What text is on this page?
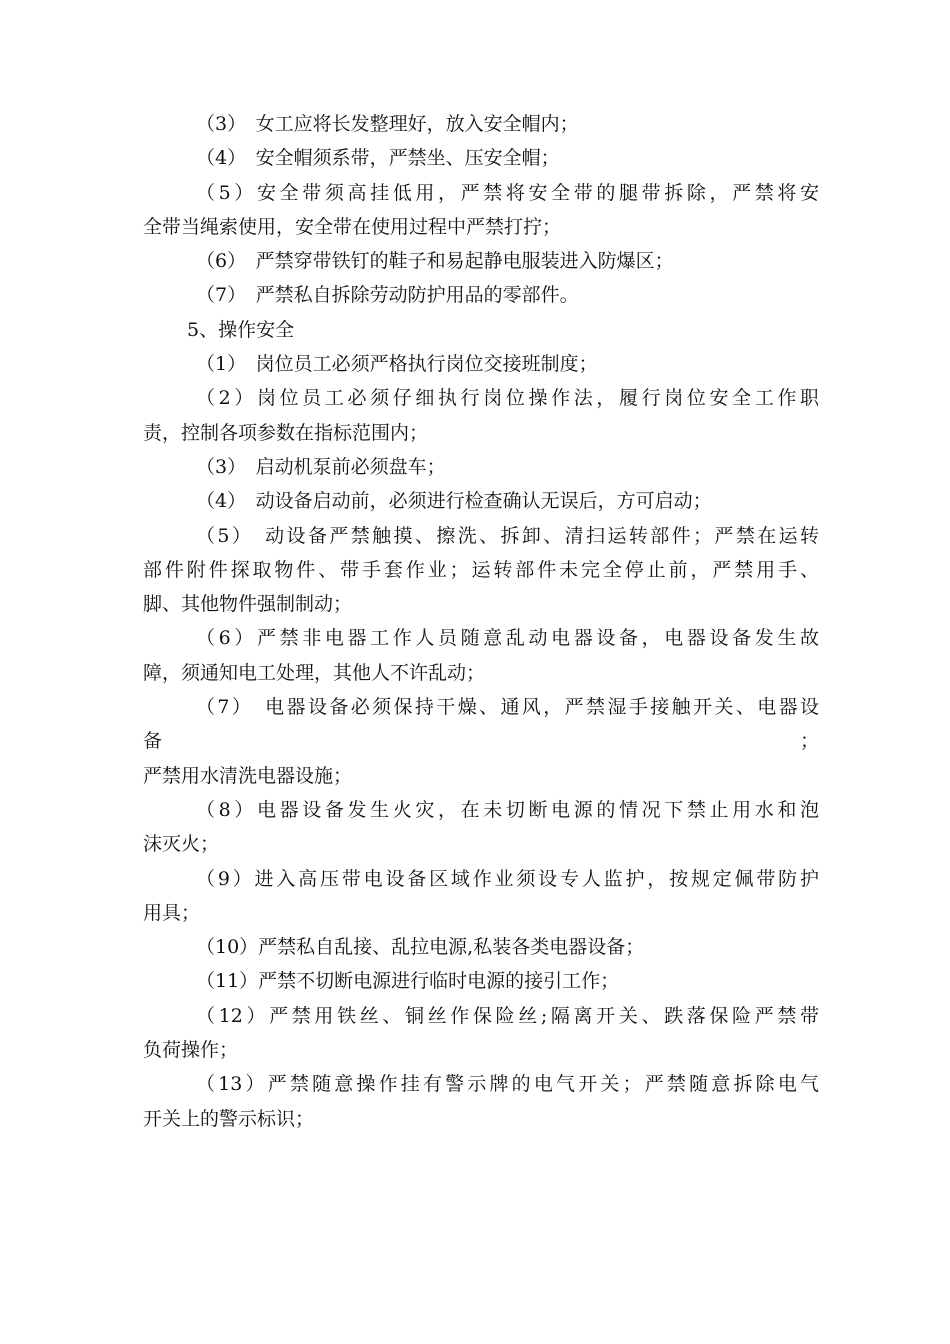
（3）　女工应将长发整理好，放入安全帽内；
（4）　安全帽须系带，严禁坐、压安全帽；
（5）安全带须高挂低用，严禁将安全带的腿带拆除，严禁将安
全带当绳索使用，安全带在使用过程中严禁打拧；
（6）　严禁穿带铁钉的鞋子和易起静电服装进入防爆区；
（7）　严禁私自拆除劳动防护用品的零部件。
5、操作安全
（1）　岗位员工必须严格执行岗位交接班制度；
（2）岗位员工必须仔细执行岗位操作法，履行岗位安全工作职
责，控制各项参数在指标范围内；
（3）　启动机泵前必须盘车；
（4）　动设备启动前，必须进行检查确认无误后，方可启动；
（5）　动设备严禁触摸、擦洗、拆卸、清扫运转部件；严禁在运转
部件附件探取物件、带手套作业；运转部件未完全停止前，严禁用手、
脚、其他物件强制制动；
（6）严禁非电器工作人员随意乱动电器设备，电器设备发生故
障，须通知电工处理，其他人不许乱动；
（7）　电器设备必须保持干燥、通风，严禁湿手接触开关、电器设
备	；
严禁用水清洗电器设施；
（8）电器设备发生火灾，在未切断电源的情况下禁止用水和泡
沫灭火；
（9）进入高压带电设备区域作业须设专人监护，按规定佩带防护
用具；
（10）严禁私自乱接、乱拉电源,私装各类电器设备；
（11）严禁不切断电源进行临时电源的接引工作；
（12）严禁用铁丝、铜丝作保险丝;隔离开关、跌落保险严禁带
负荷操作；
（13）严禁随意操作挂有警示牌的电气开关；严禁随意拆除电气
开关上的警示标识；
